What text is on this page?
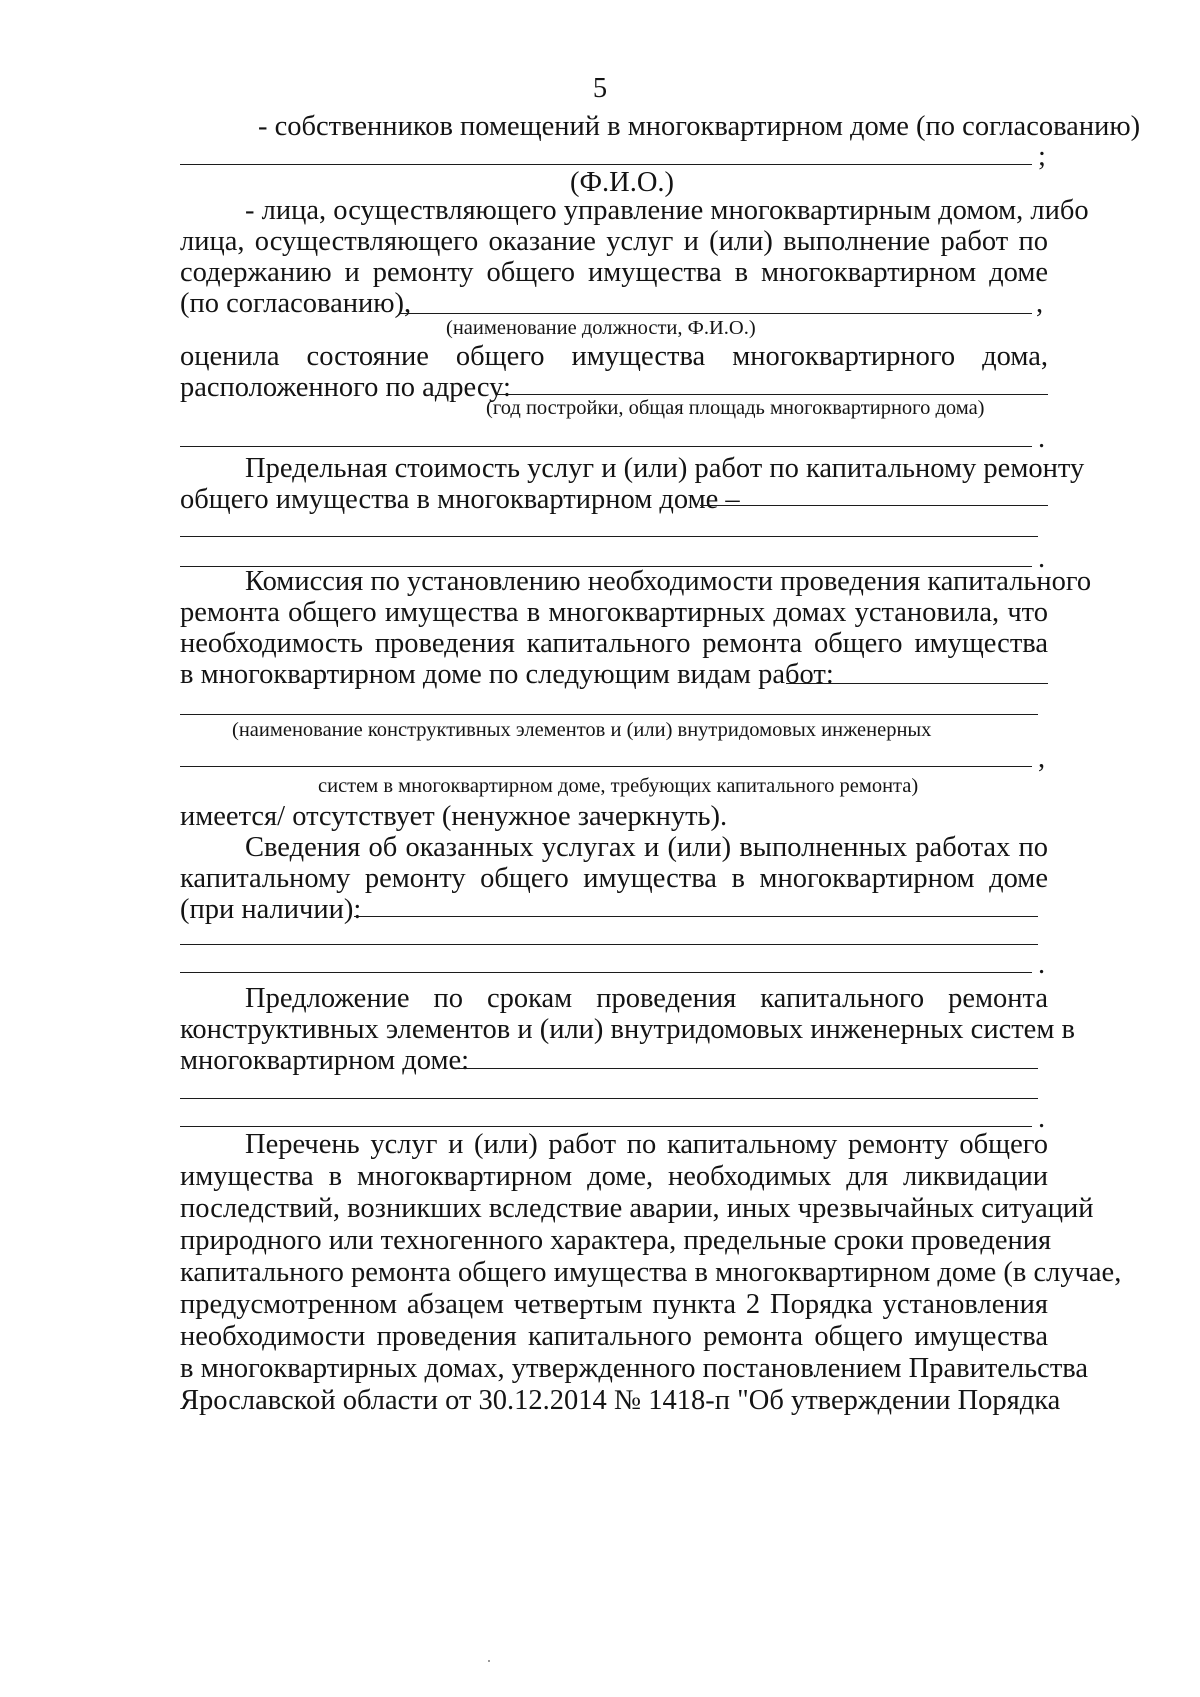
5
- собственников помещений в многоквартирном доме (по согласованию)
;
(Ф.И.О.)
- лица, осуществляющего управление многоквартирным домом, либо
лица, осуществляющего оказание услуг и (или) выполнение работ по
содержанию и ремонту общего имущества в многоквартирном доме
(по согласованию),	,
(наименование должности, Ф.И.О.)
оценила состояние общего имущества многоквартирного дома,
расположенного по адресу:
(год постройки, общая площадь многоквартирного дома)
.
Предельная стоимость услуг и (или) работ по капитальному ремонту
общего имущества в многоквартирном доме –
.
Комиссия по установлению необходимости проведения капитального
ремонта общего имущества в многоквартирных домах установила, что
необходимость проведения капитального ремонта общего имущества
в многоквартирном доме по следующим видам работ:
(наименование конструктивных элементов и (или) внутридомовых инженерных
,
систем в многоквартирном доме, требующих капитального ремонта)
имеется/ отсутствует (ненужное зачеркнуть).
Сведения об оказанных услугах и (или) выполненных работах по
капитальному ремонту общего имущества в многоквартирном доме
(при наличии):
.
Предложение по срокам проведения капитального ремонта
конструктивных элементов и (или) внутридомовых инженерных систем в
многоквартирном доме:
.
Перечень услуг и (или) работ по капитальному ремонту общего
имущества в многоквартирном доме, необходимых для ликвидации
последствий, возникших вследствие аварии, иных чрезвычайных ситуаций
природного или техногенного характера, предельные сроки проведения
капитального ремонта общего имущества в многоквартирном доме (в случае,
предусмотренном абзацем четвертым пункта 2 Порядка установления
необходимости проведения капитального ремонта общего имущества
в многоквартирных домах, утвержденного постановлением Правительства
Ярославской области от 30.12.2014 № 1418-п "Об утверждении Порядка
